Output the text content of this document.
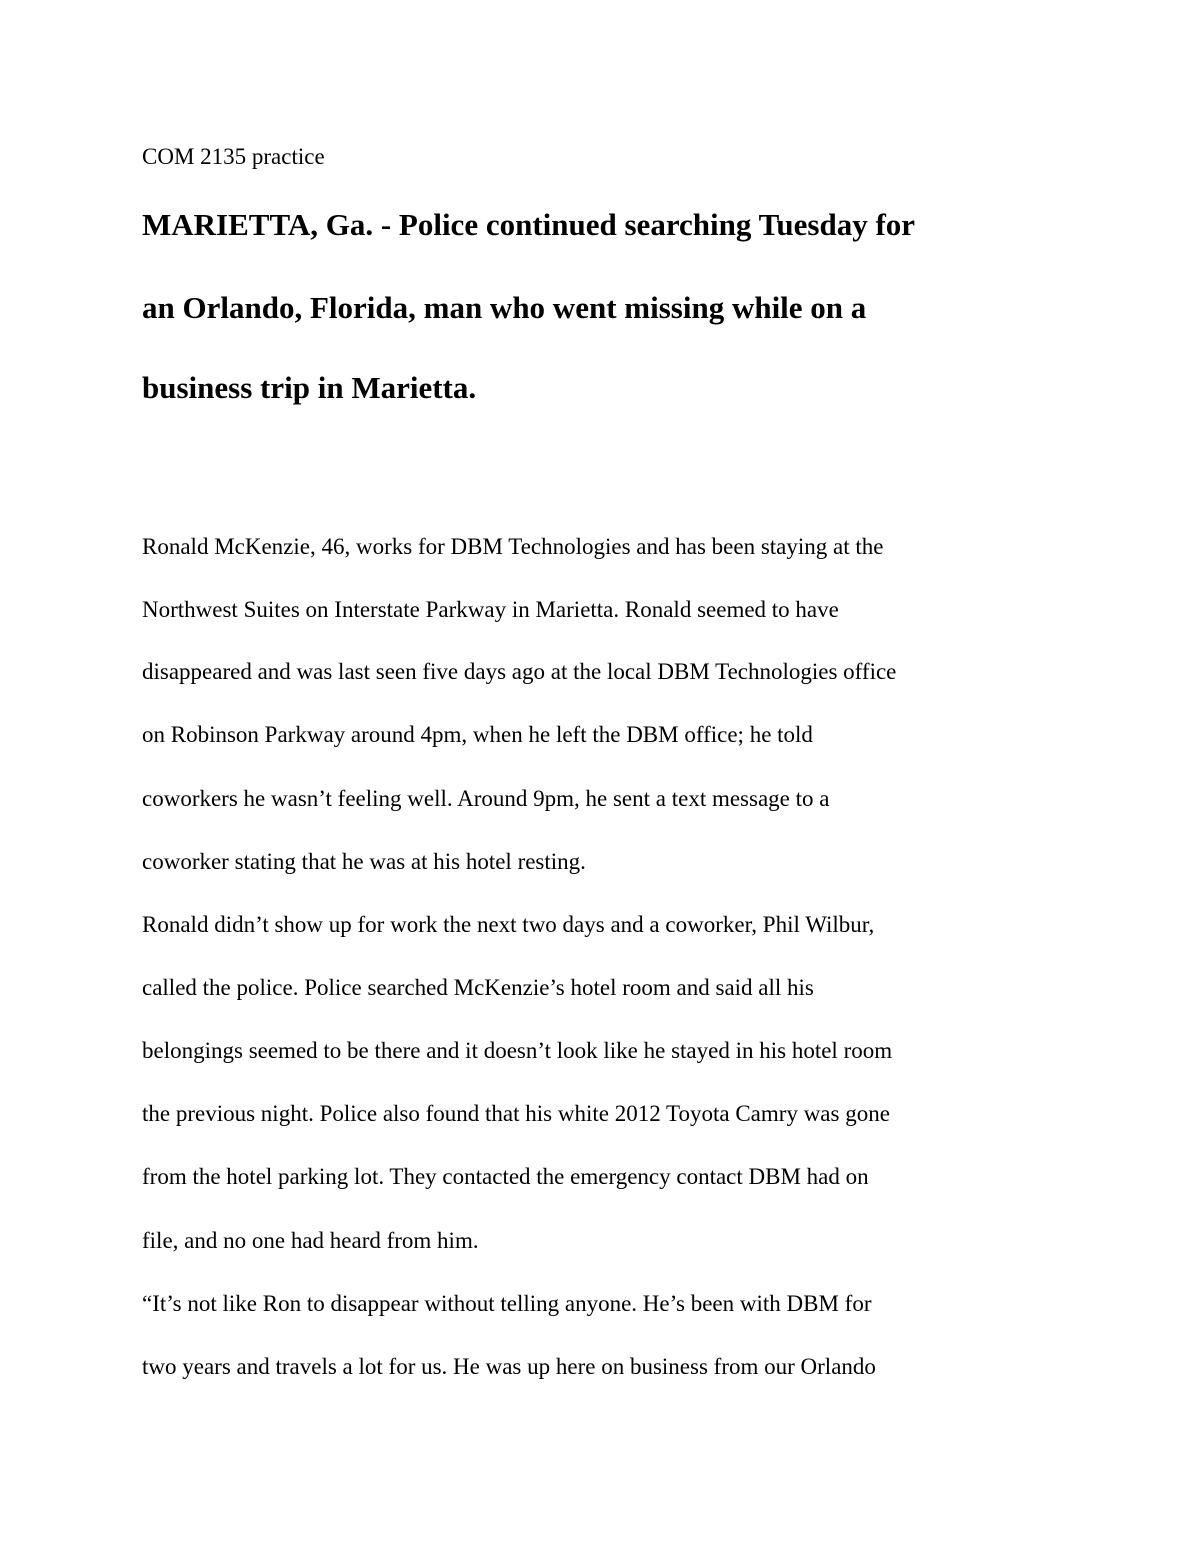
COM 2135 practice

MARIETTA, Ga. - Police continued searching Tuesday for

an Orlando, Florida, man who went missing while on a

business trip in Marietta.

Ronald McKenzie, 46, works for DBM Technologies and has been staying at the

Northwest Suites on Interstate Parkway in Marietta. Ronald seemed to have

disappeared and was last seen five days ago at the local DBM Technologies office

on Robinson Parkway around 4pm, when he left the DBM office; he told

coworkers he wasn’t feeling well. Around 9pm, he sent a text message to a

coworker stating that he was at his hotel resting.

Ronald didn’t show up for work the next two days and a coworker, Phil Wilbur,

called the police. Police searched McKenzie’s hotel room and said all his

belongings seemed to be there and it doesn’t look like he stayed in his hotel room

the previous night. Police also found that his white 2012 Toyota Camry was gone

from the hotel parking lot. They contacted the emergency contact DBM had on

file, and no one had heard from him.

“It’s not like Ron to disappear without telling anyone. He’s been with DBM for

two years and travels a lot for us. He was up here on business from our Orlando
